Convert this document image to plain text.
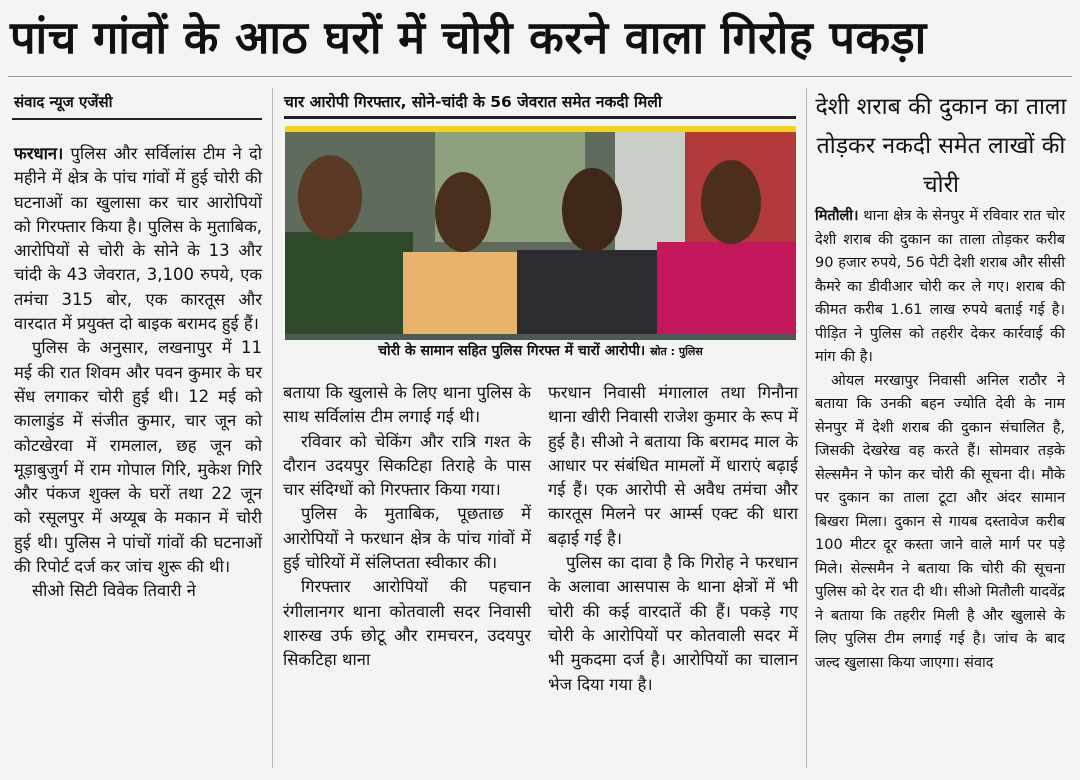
पांच गांवों के आठ घरों में चोरी करने वाला गिरोह पकड़ा
संवाद न्यूज एजेंसी

फरधान। पुलिस और सर्विलांस टीम ने दो महीने में क्षेत्र के पांच गांवों में हुई चोरी की घटनाओं का खुलासा कर चार आरोपियों को गिरफ्तार किया है। पुलिस के मुताबिक, आरोपियों से चोरी के सोने के 13 और चांदी के 43 जेवरात, 3,100 रुपये, एक तमंचा 315 बोर, एक कारतूस और वारदात में प्रयुक्त दो बाइक बरामद हुई हैं।

पुलिस के अनुसार, लखनापुर में 11 मई की रात शिवम और पवन कुमार के घर सेंध लगाकर चोरी हुई थी। 12 मई को कालाडुंड में संजीत कुमार, चार जून को कोटखेरवा में रामलाल, छह जून को मूड़ाबुजुर्ग में राम गोपाल गिरि, मुकेश गिरि और पंकज शुक्ल के घरों तथा 22 जून को रसूलपुर में अय्यूब के मकान में चोरी हुई थी। पुलिस ने पांचों गांवों की घटनाओं की रिपोर्ट दर्ज कर जांच शुरू की थी।

सीओ सिटी विवेक तिवारी ने

चार आरोपी गिरफ्तार, सोने-चांदी के 56 जेवरात समेत नकदी मिली
चोरी के सामान सहित पुलिस गिरफ्त में चारों आरोपी। स्रोत : पुलिस

बताया कि खुलासे के लिए थाना पुलिस के साथ सर्विलांस टीम लगाई गई थी।

रविवार को चेकिंग और रात्रि गश्त के दौरान उदयपुर सिकटिहा तिराहे के पास चार संदिग्धों को गिरफ्तार किया गया।

पुलिस के मुताबिक, पूछताछ में आरोपियों ने फरधान क्षेत्र के पांच गांवों में हुई चोरियों में संलिप्तता स्वीकार की।

गिरफ्तार आरोपियों की पहचान रंगीलानगर थाना कोतवाली सदर निवासी शारुख उर्फ छोटू और रामचरन, उदयपुर सिकटिहा थाना

फरधान निवासी मंगालाल तथा गिनौना थाना खीरी निवासी राजेश कुमार के रूप में हुई है। सीओ ने बताया कि बरामद माल के आधार पर संबंधित मामलों में धाराएं बढ़ाई गई हैं। एक आरोपी से अवैध तमंचा और कारतूस मिलने पर आर्म्स एक्ट की धारा बढ़ाई गई है।

पुलिस का दावा है कि गिरोह ने फरधान के अलावा आसपास के थाना क्षेत्रों में भी चोरी की कई वारदातें की हैं। पकड़े गए चोरी के आरोपियों पर कोतवाली सदर में भी मुकदमा दर्ज है। आरोपियों का चालान भेज दिया गया है।

देशी शराब की दुकान का ताला तोड़कर नकदी समेत लाखों की चोरी

मितौली। थाना क्षेत्र के सेनपुर में रविवार रात चोर देशी शराब की दुकान का ताला तोड़कर करीब 90 हजार रुपये, 56 पेटी देशी शराब और सीसी कैमरे का डीवीआर चोरी कर ले गए। शराब की कीमत करीब 1.61 लाख रुपये बताई गई है। पीड़ित ने पुलिस को तहरीर देकर कार्रवाई की मांग की है।

ओयल मरखापुर निवासी अनिल राठौर ने बताया कि उनकी बहन ज्योति देवी के नाम सेनपुर में देशी शराब की दुकान संचालित है, जिसकी देखरेख वह करते हैं। सोमवार तड़के सेल्समैन ने फोन कर चोरी की सूचना दी। मौके पर दुकान का ताला टूटा और अंदर सामान बिखरा मिला। दुकान से गायब दस्तावेज करीब 100 मीटर दूर कस्ता जाने वाले मार्ग पर पड़े मिले। सेल्समैन ने बताया कि चोरी की सूचना पुलिस को देर रात दी थी। सीओ मितौली यादवेंद्र ने बताया कि तहरीर मिली है और खुलासे के लिए पुलिस टीम लगाई गई है। जांच के बाद जल्द खुलासा किया जाएगा। संवाद
